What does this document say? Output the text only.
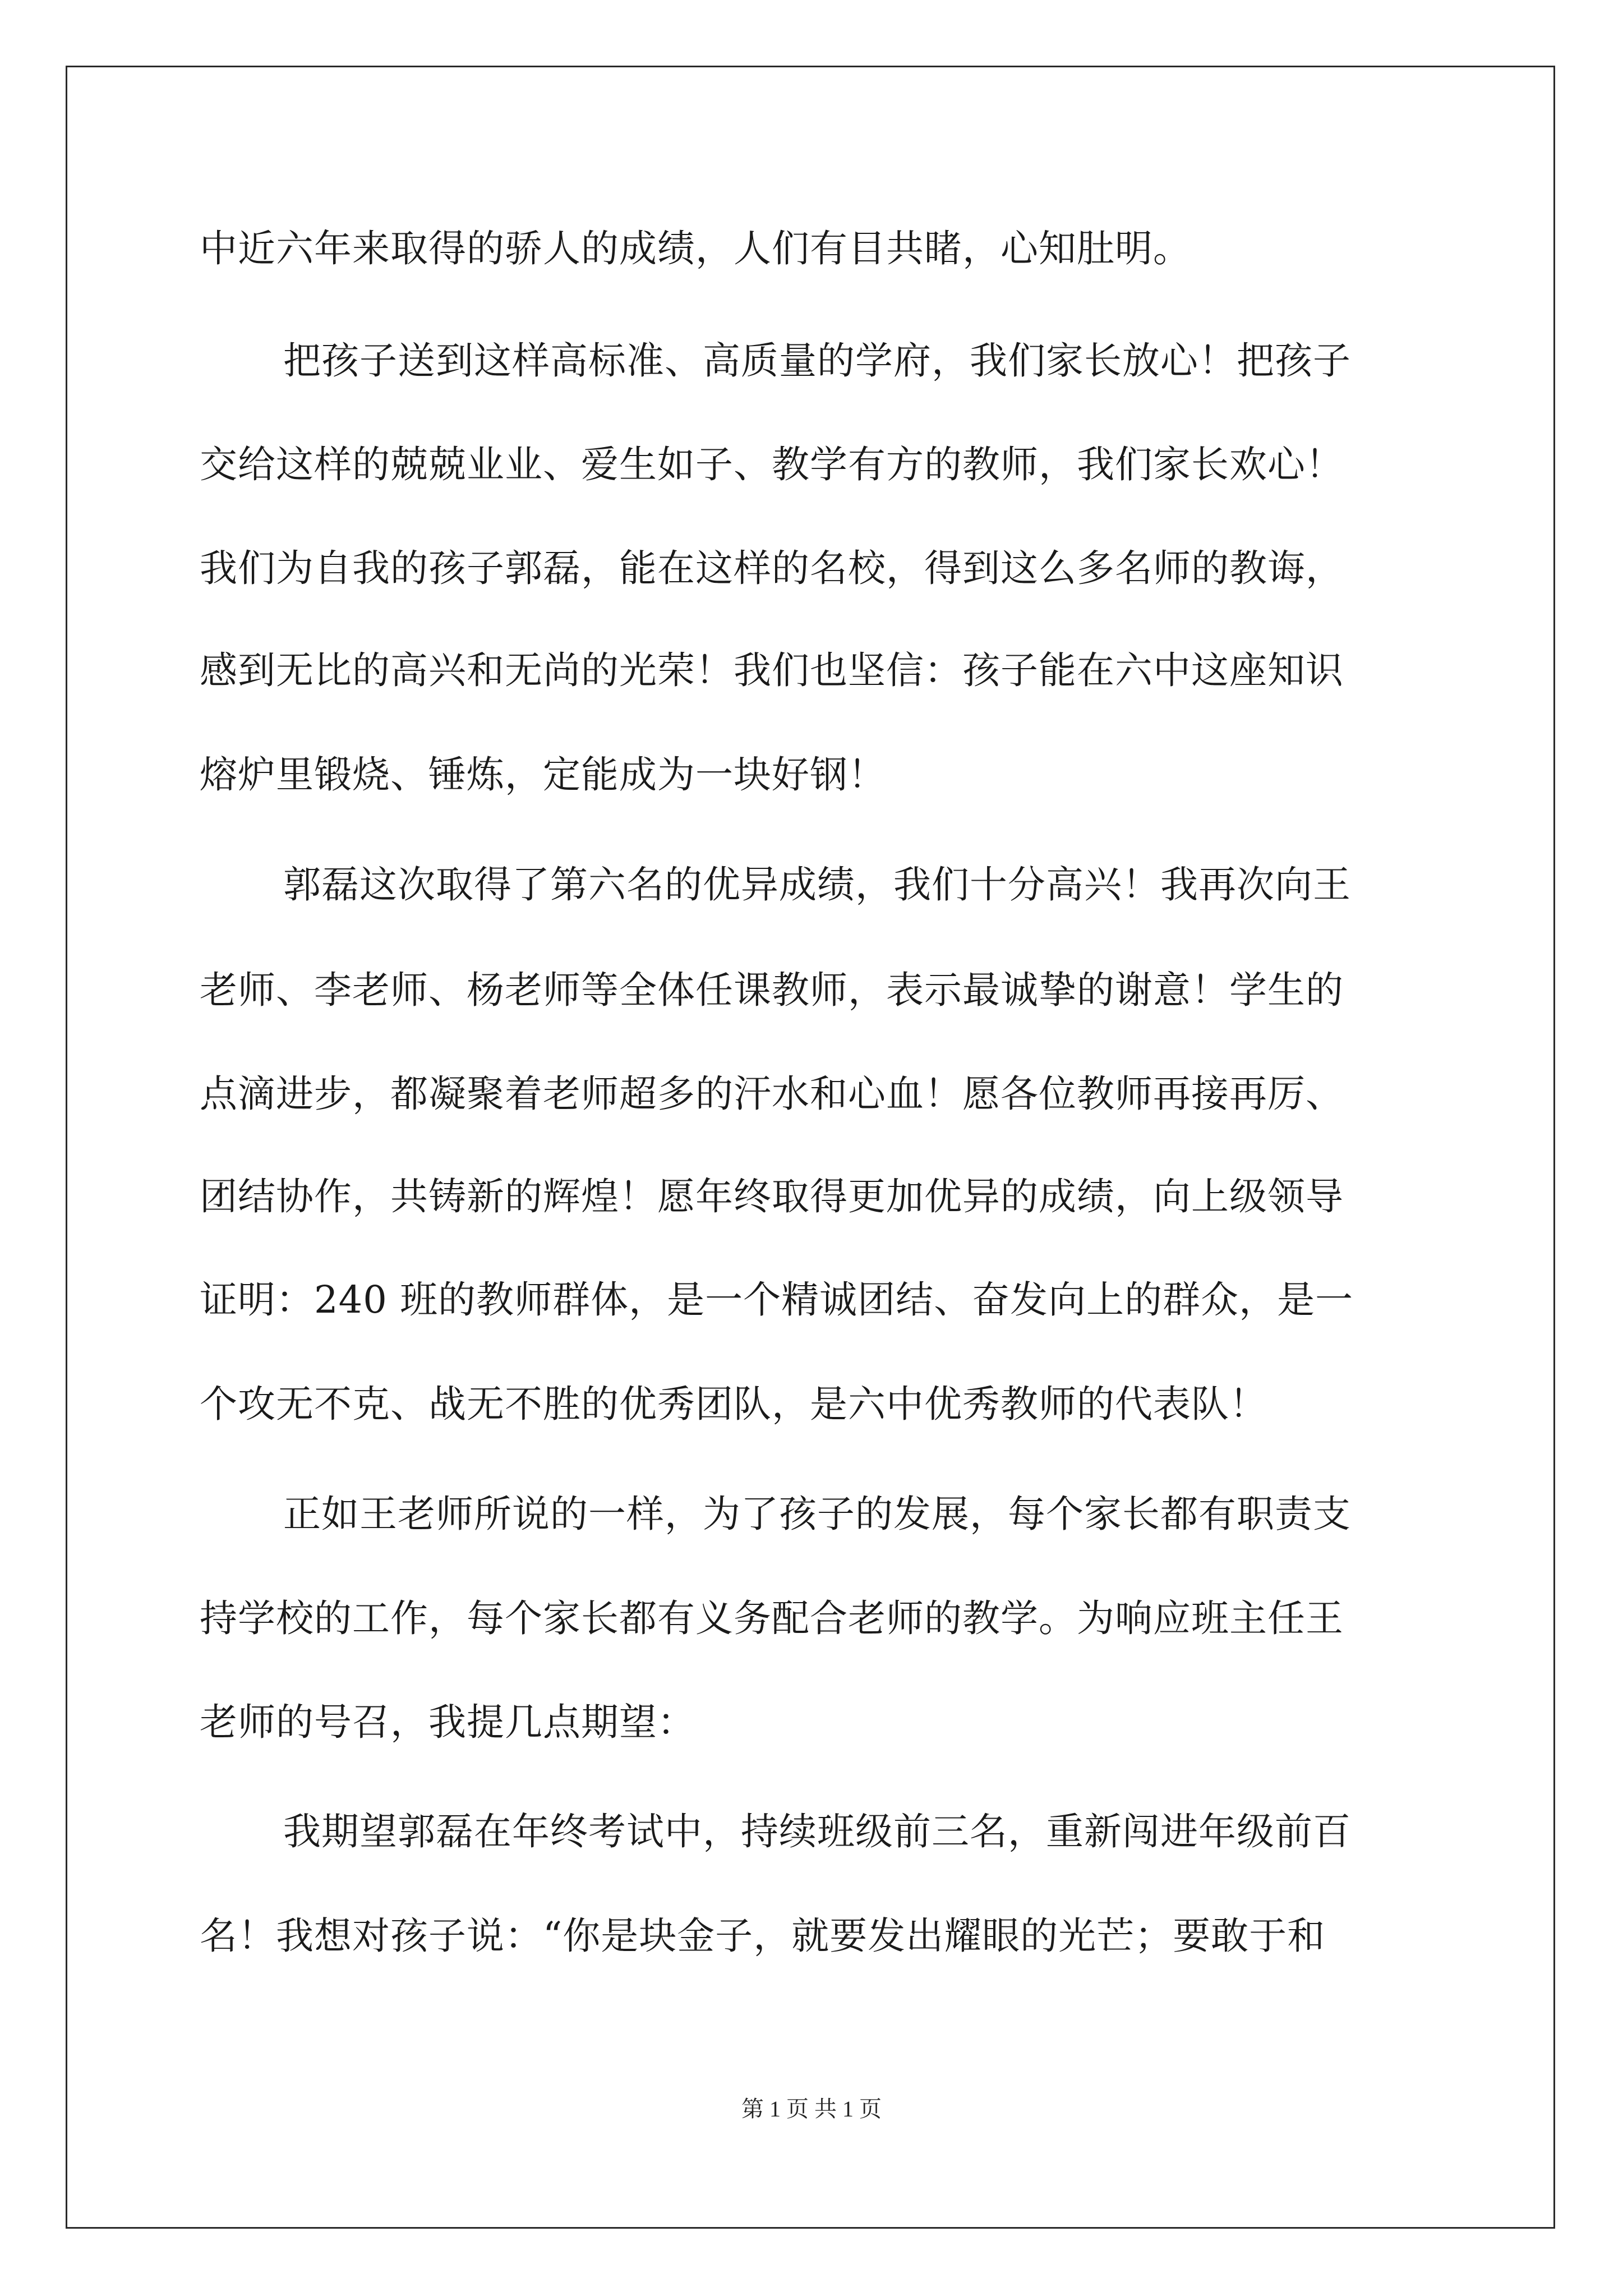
中近六年来取得的骄人的成绩，人们有目共睹，心知肚明。
把孩子送到这样高标准、高质量的学府，我们家长放心！把孩子
交给这样的兢兢业业、爱生如子、教学有方的教师，我们家长欢心！
我们为自我的孩子郭磊，能在这样的名校，得到这么多名师的教诲，
感到无比的高兴和无尚的光荣！我们也坚信：孩子能在六中这座知识
熔炉里锻烧、锤炼，定能成为一块好钢！
郭磊这次取得了第六名的优异成绩，我们十分高兴！我再次向王
老师、李老师、杨老师等全体任课教师，表示最诚挚的谢意！学生的
点滴进步，都凝聚着老师超多的汗水和心血！愿各位教师再接再厉、
团结协作，共铸新的辉煌！愿年终取得更加优异的成绩，向上级领导
证明：240 班的教师群体，是一个精诚团结、奋发向上的群众，是一
个攻无不克、战无不胜的优秀团队，是六中优秀教师的代表队！
正如王老师所说的一样，为了孩子的发展，每个家长都有职责支
持学校的工作，每个家长都有义务配合老师的教学。为响应班主任王
老师的号召，我提几点期望：
我期望郭磊在年终考试中，持续班级前三名，重新闯进年级前百
名！我想对孩子说：“你是块金子，就要发出耀眼的光芒；要敢于和
第 1 页 共 1 页
